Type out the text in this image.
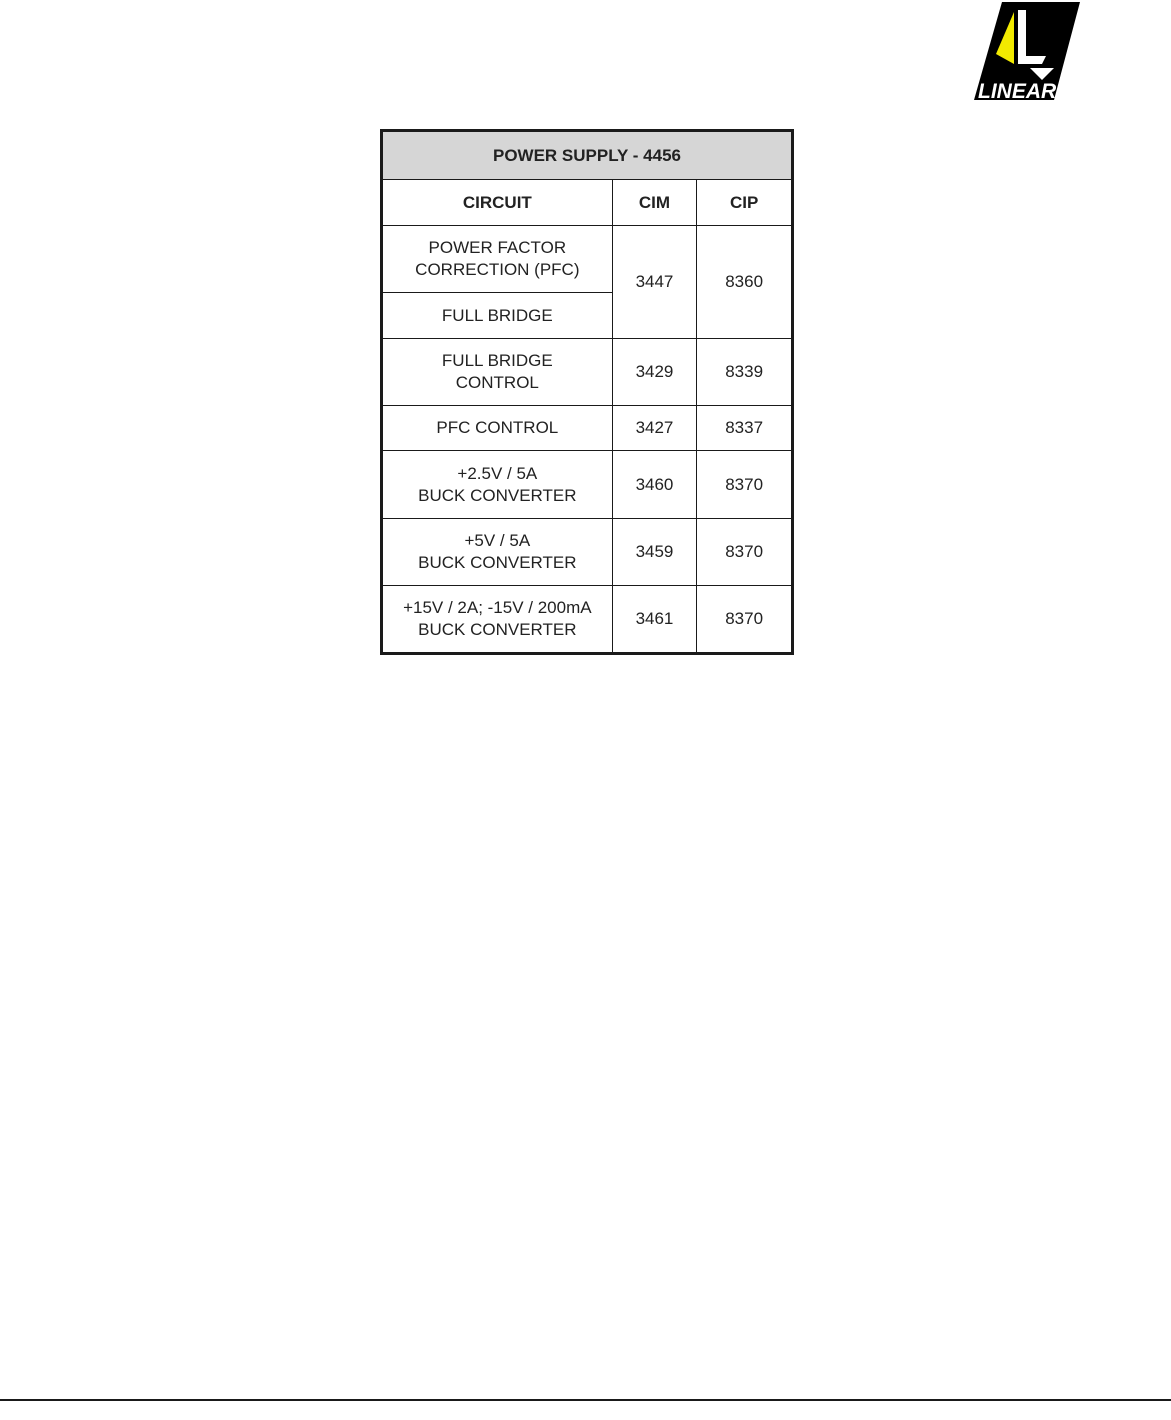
LINEAR
POWER SUPPLY - 4456		
CIRCUIT	CIM	CIP

POWER FACTOR
CORRECTION (PFC)	3447	8360

FULL BRIDGE		

FULL BRIDGE
CONTROL	3429	8339

PFC CONTROL	3427	8337

+2.5V / 5A
BUCK CONVERTER	3460	8370

+5V / 5A
BUCK CONVERTER	3459	8370

+15V / 2A; -15V / 200mA
BUCK CONVERTER	3461	8370
